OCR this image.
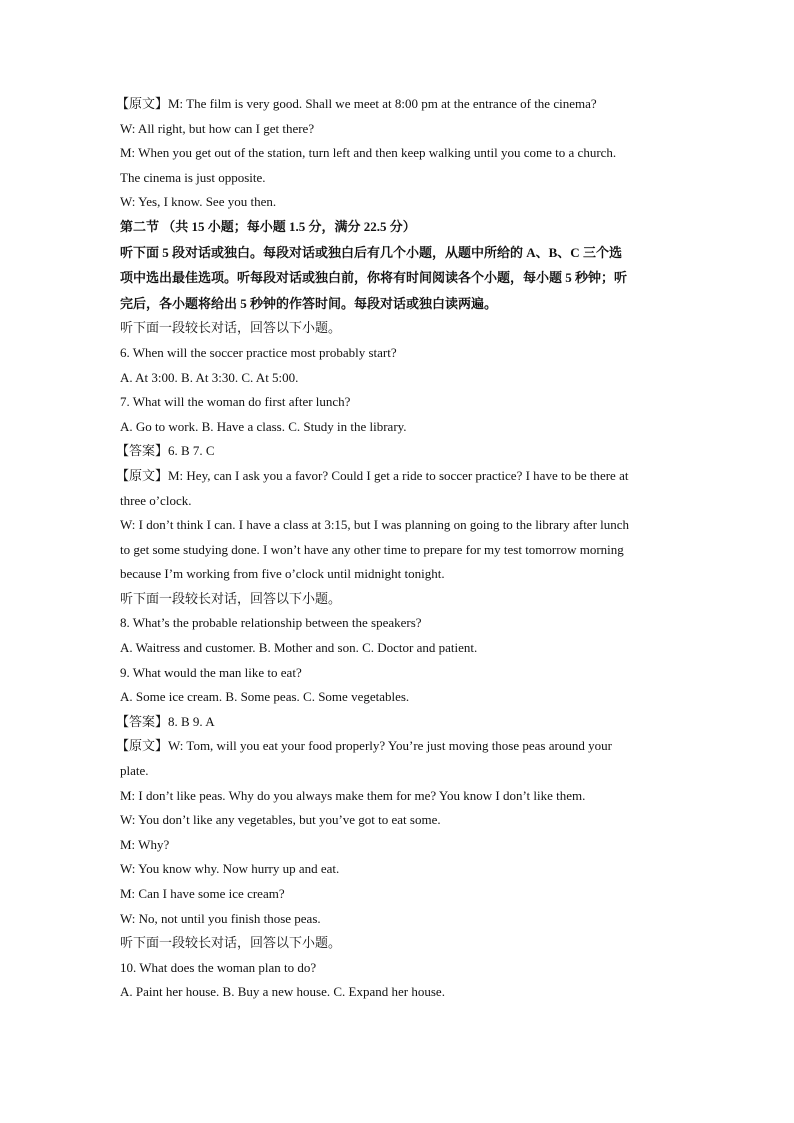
【原文】M: The film is very good. Shall we meet at 8:00 pm at the entrance of the cinema?
W: All right, but how can I get there?
M: When you get out of the station, turn left and then keep walking until you come to a church.
The cinema is just opposite.
W: Yes, I know. See you then.
第二节 （共 15 小题；每小题 1.5 分，满分 22.5 分）
听下面 5 段对话或独白。每段对话或独白后有几个小题，从题中所给的 A、B、C 三个选
项中选出最佳选项。听每段对话或独白前，你将有时间阅读各个小题，每小题 5 秒钟；听
完后，各小题将给出 5 秒钟的作答时间。每段对话或独白读两遍。
听下面一段较长对话，回答以下小题。
6. When will the soccer practice most probably start?
A. At 3:00. B. At 3:30. C. At 5:00.
7. What will the woman do first after lunch?
A. Go to work. B. Have a class. C. Study in the library.
【答案】6. B 7. C
【原文】M: Hey, can I ask you a favor? Could I get a ride to soccer practice? I have to be there at
three o’clock.
W: I don’t think I can. I have a class at 3:15, but I was planning on going to the library after lunch
to get some studying done. I won’t have any other time to prepare for my test tomorrow morning
because I’m working from five o’clock until midnight tonight.
听下面一段较长对话，回答以下小题。
8. What’s the probable relationship between the speakers?
A. Waitress and customer. B. Mother and son. C. Doctor and patient.
9. What would the man like to eat?
A. Some ice cream. B. Some peas. C. Some vegetables.
【答案】8. B 9. A
【原文】W: Tom, will you eat your food properly? You’re just moving those peas around your
plate.
M: I don’t like peas. Why do you always make them for me? You know I don’t like them.
W: You don’t like any vegetables, but you’ve got to eat some.
M: Why?
W: You know why. Now hurry up and eat.
M: Can I have some ice cream?
W: No, not until you finish those peas.
听下面一段较长对话，回答以下小题。
10. What does the woman plan to do?
A. Paint her house. B. Buy a new house. C. Expand her house.
